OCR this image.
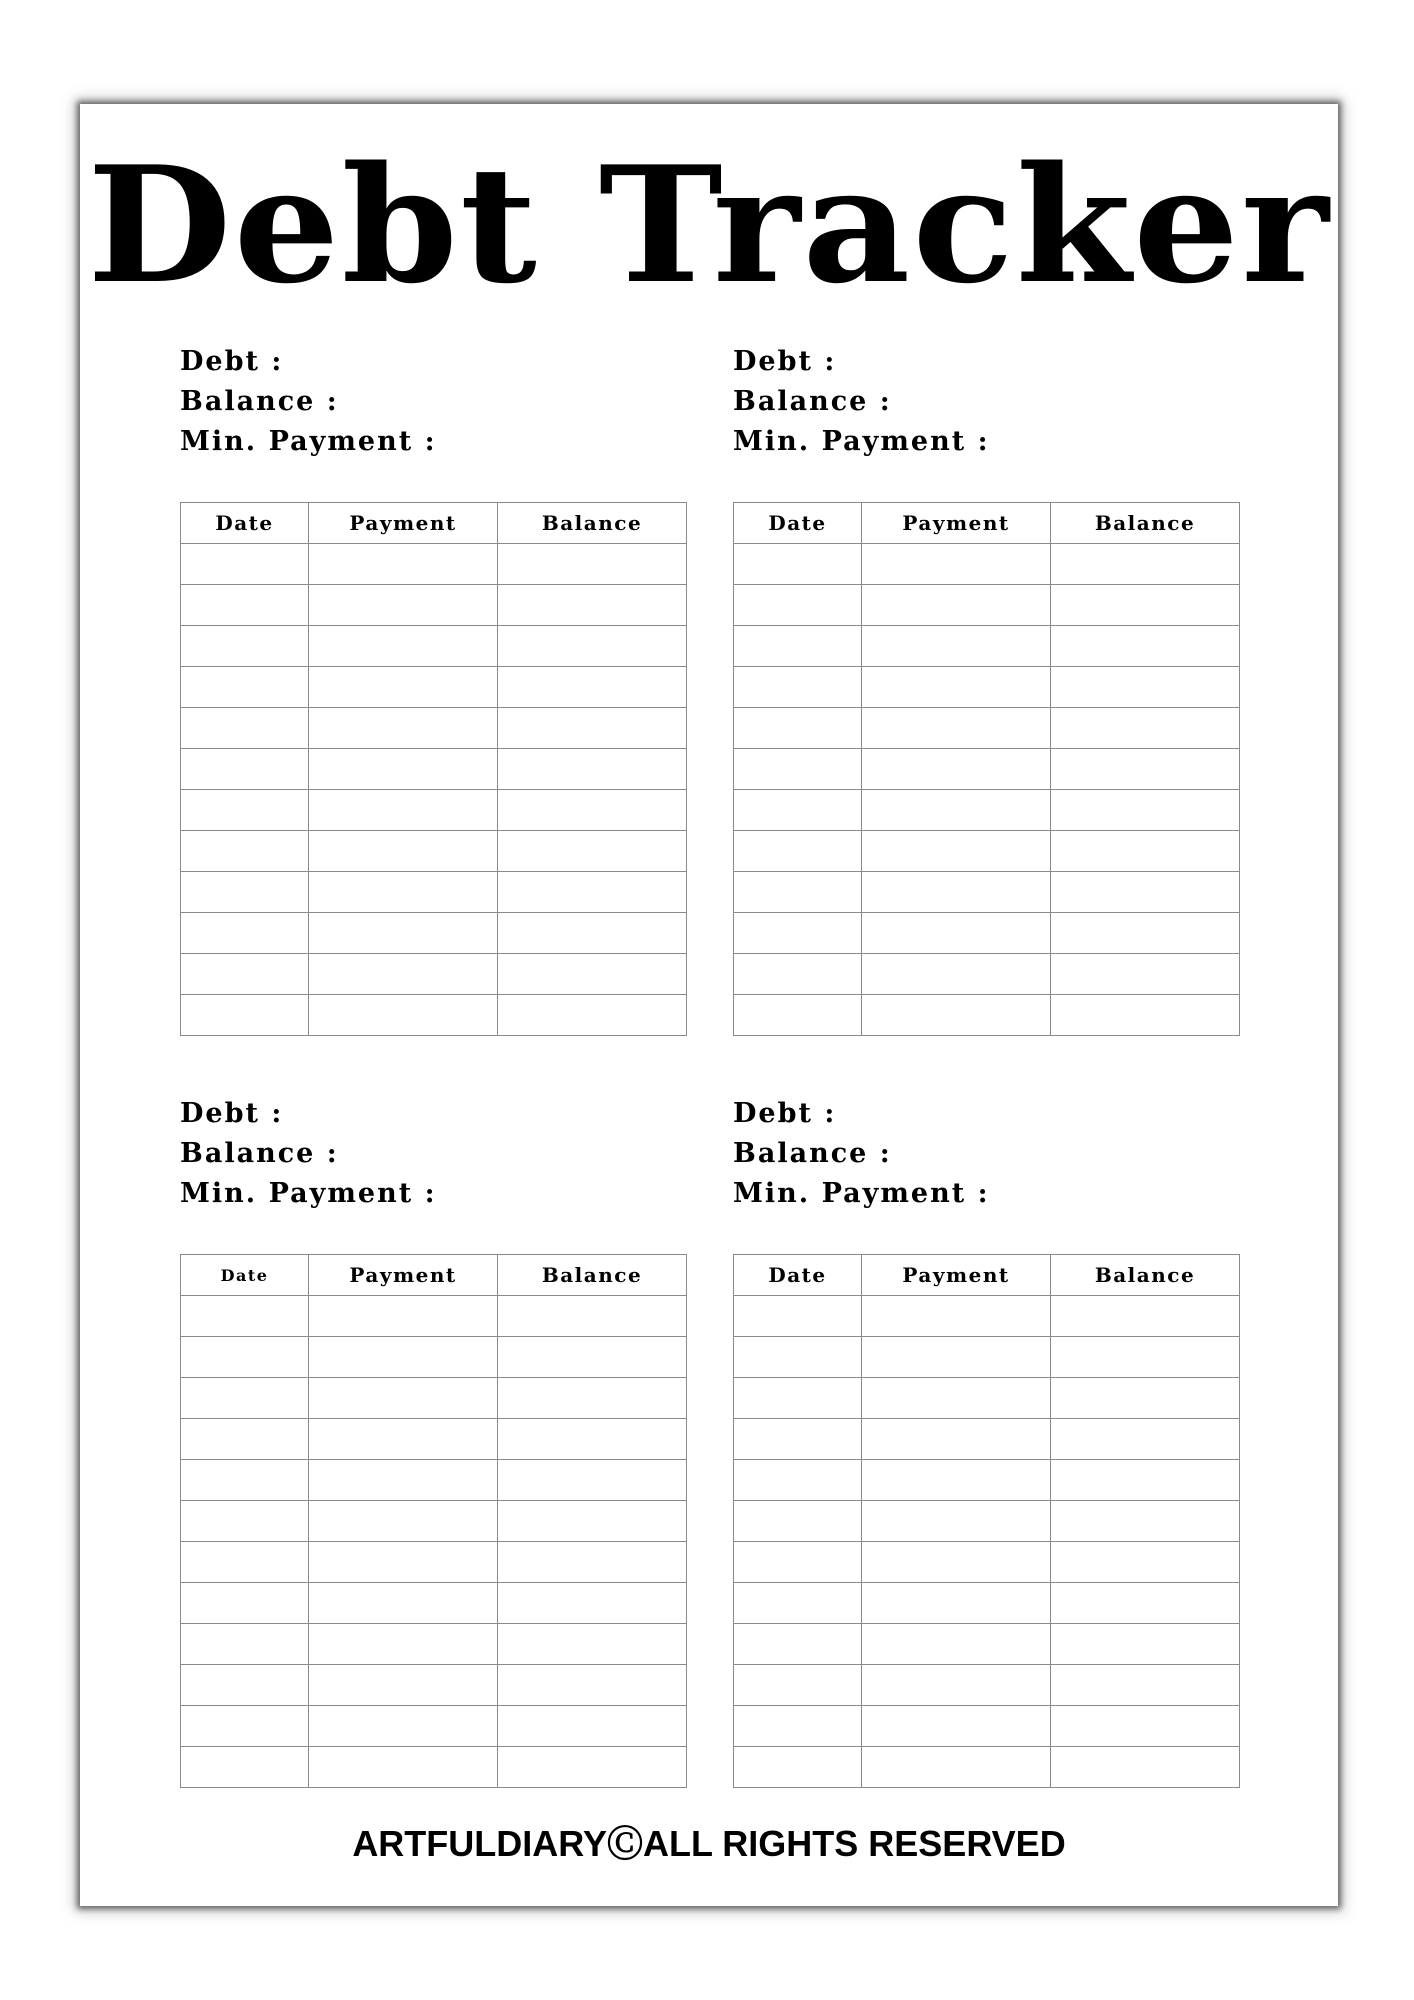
Debt Tracker
Debt :
Balance :
Min. Payment :
Date	Payment	Balance

Debt :
Balance :
Min. Payment :
Date	Payment	Balance

Debt :
Balance :
Min. Payment :
Date	Payment	Balance

Debt :
Balance :
Min. Payment :
Date	Payment	Balance

ARTFULDIARYⒸALL RIGHTS RESERVED
